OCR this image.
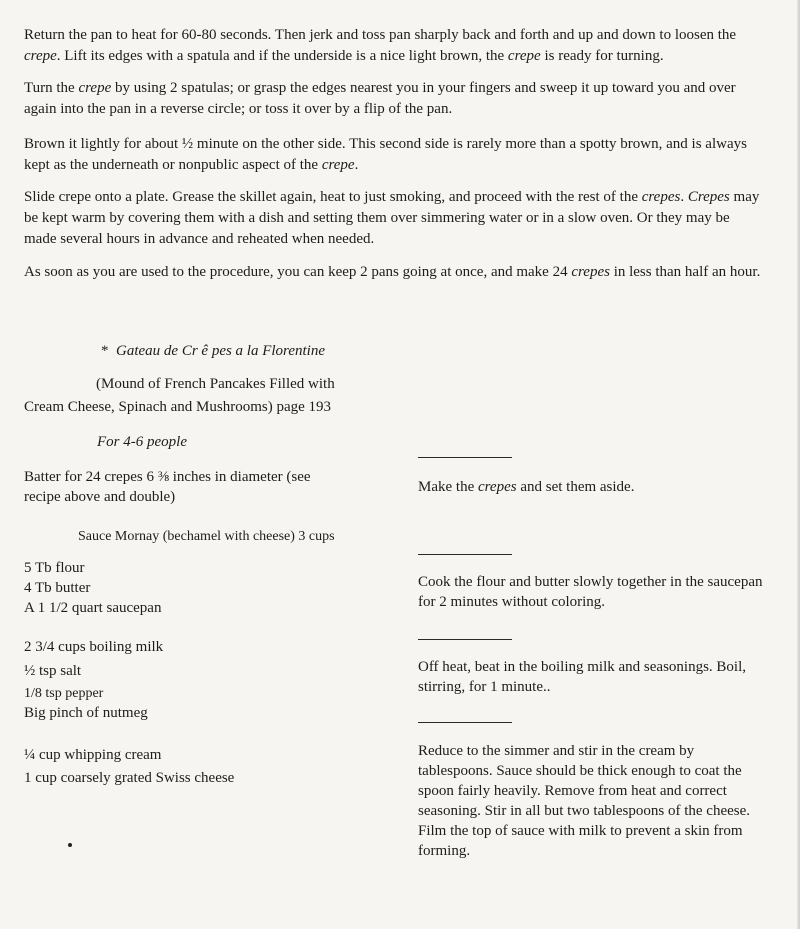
Return the pan to heat for 60-80 seconds. Then jerk and toss pan sharply back and forth and up and down to loosen the crepe. Lift its edges with a spatula and if the underside is a nice light brown, the crepe is ready for turning.

Turn the crepe by using 2 spatulas; or grasp the edges nearest you in your fingers and sweep it up toward you and over again into the pan in a reverse circle; or toss it over by a flip of the pan.

Brown it lightly for about ½ minute on the other side. This second side is rarely more than a spotty brown, and is always kept as the underneath or nonpublic aspect of the crepe.

Slide crepe onto a plate. Grease the skillet again, heat to just smoking, and proceed with the rest of the crepes. Crepes may be kept warm by covering them with a dish and setting them over simmering water or in a slow oven. Or they may be made several hours in advance and reheated when needed.

As soon as you are used to the procedure, you can keep 2 pans going at once, and make 24 crepes in less than half an hour.

* Gateau de Cr ê pes a la Florentine
(Mound of French Pancakes Filled with
Cream Cheese, Spinach and Mushrooms) page 193
For 4-6 people
Batter for 24 crepes 6 ⅜ inches in diameter (see
recipe above and double)
Sauce Mornay (bechamel with cheese) 3 cups
5 Tb flour
4 Tb butter
A 1 1/2 quart saucepan
2 3/4 cups boiling milk
½ tsp salt
1/8 tsp pepper
Big pinch of nutmeg
¼ cup whipping cream
1 cup coarsely grated Swiss cheese

Make the crepes and set them aside.

Cook the flour and butter slowly together in the saucepan for 2 minutes without coloring.

Off heat, beat in the boiling milk and seasonings. Boil, stirring, for 1 minute..

Reduce to the simmer and stir in the cream by tablespoons. Sauce should be thick enough to coat the spoon fairly heavily. Remove from heat and correct seasoning. Stir in all but two tablespoons of the cheese. Film the top of sauce with milk to prevent a skin from forming.
